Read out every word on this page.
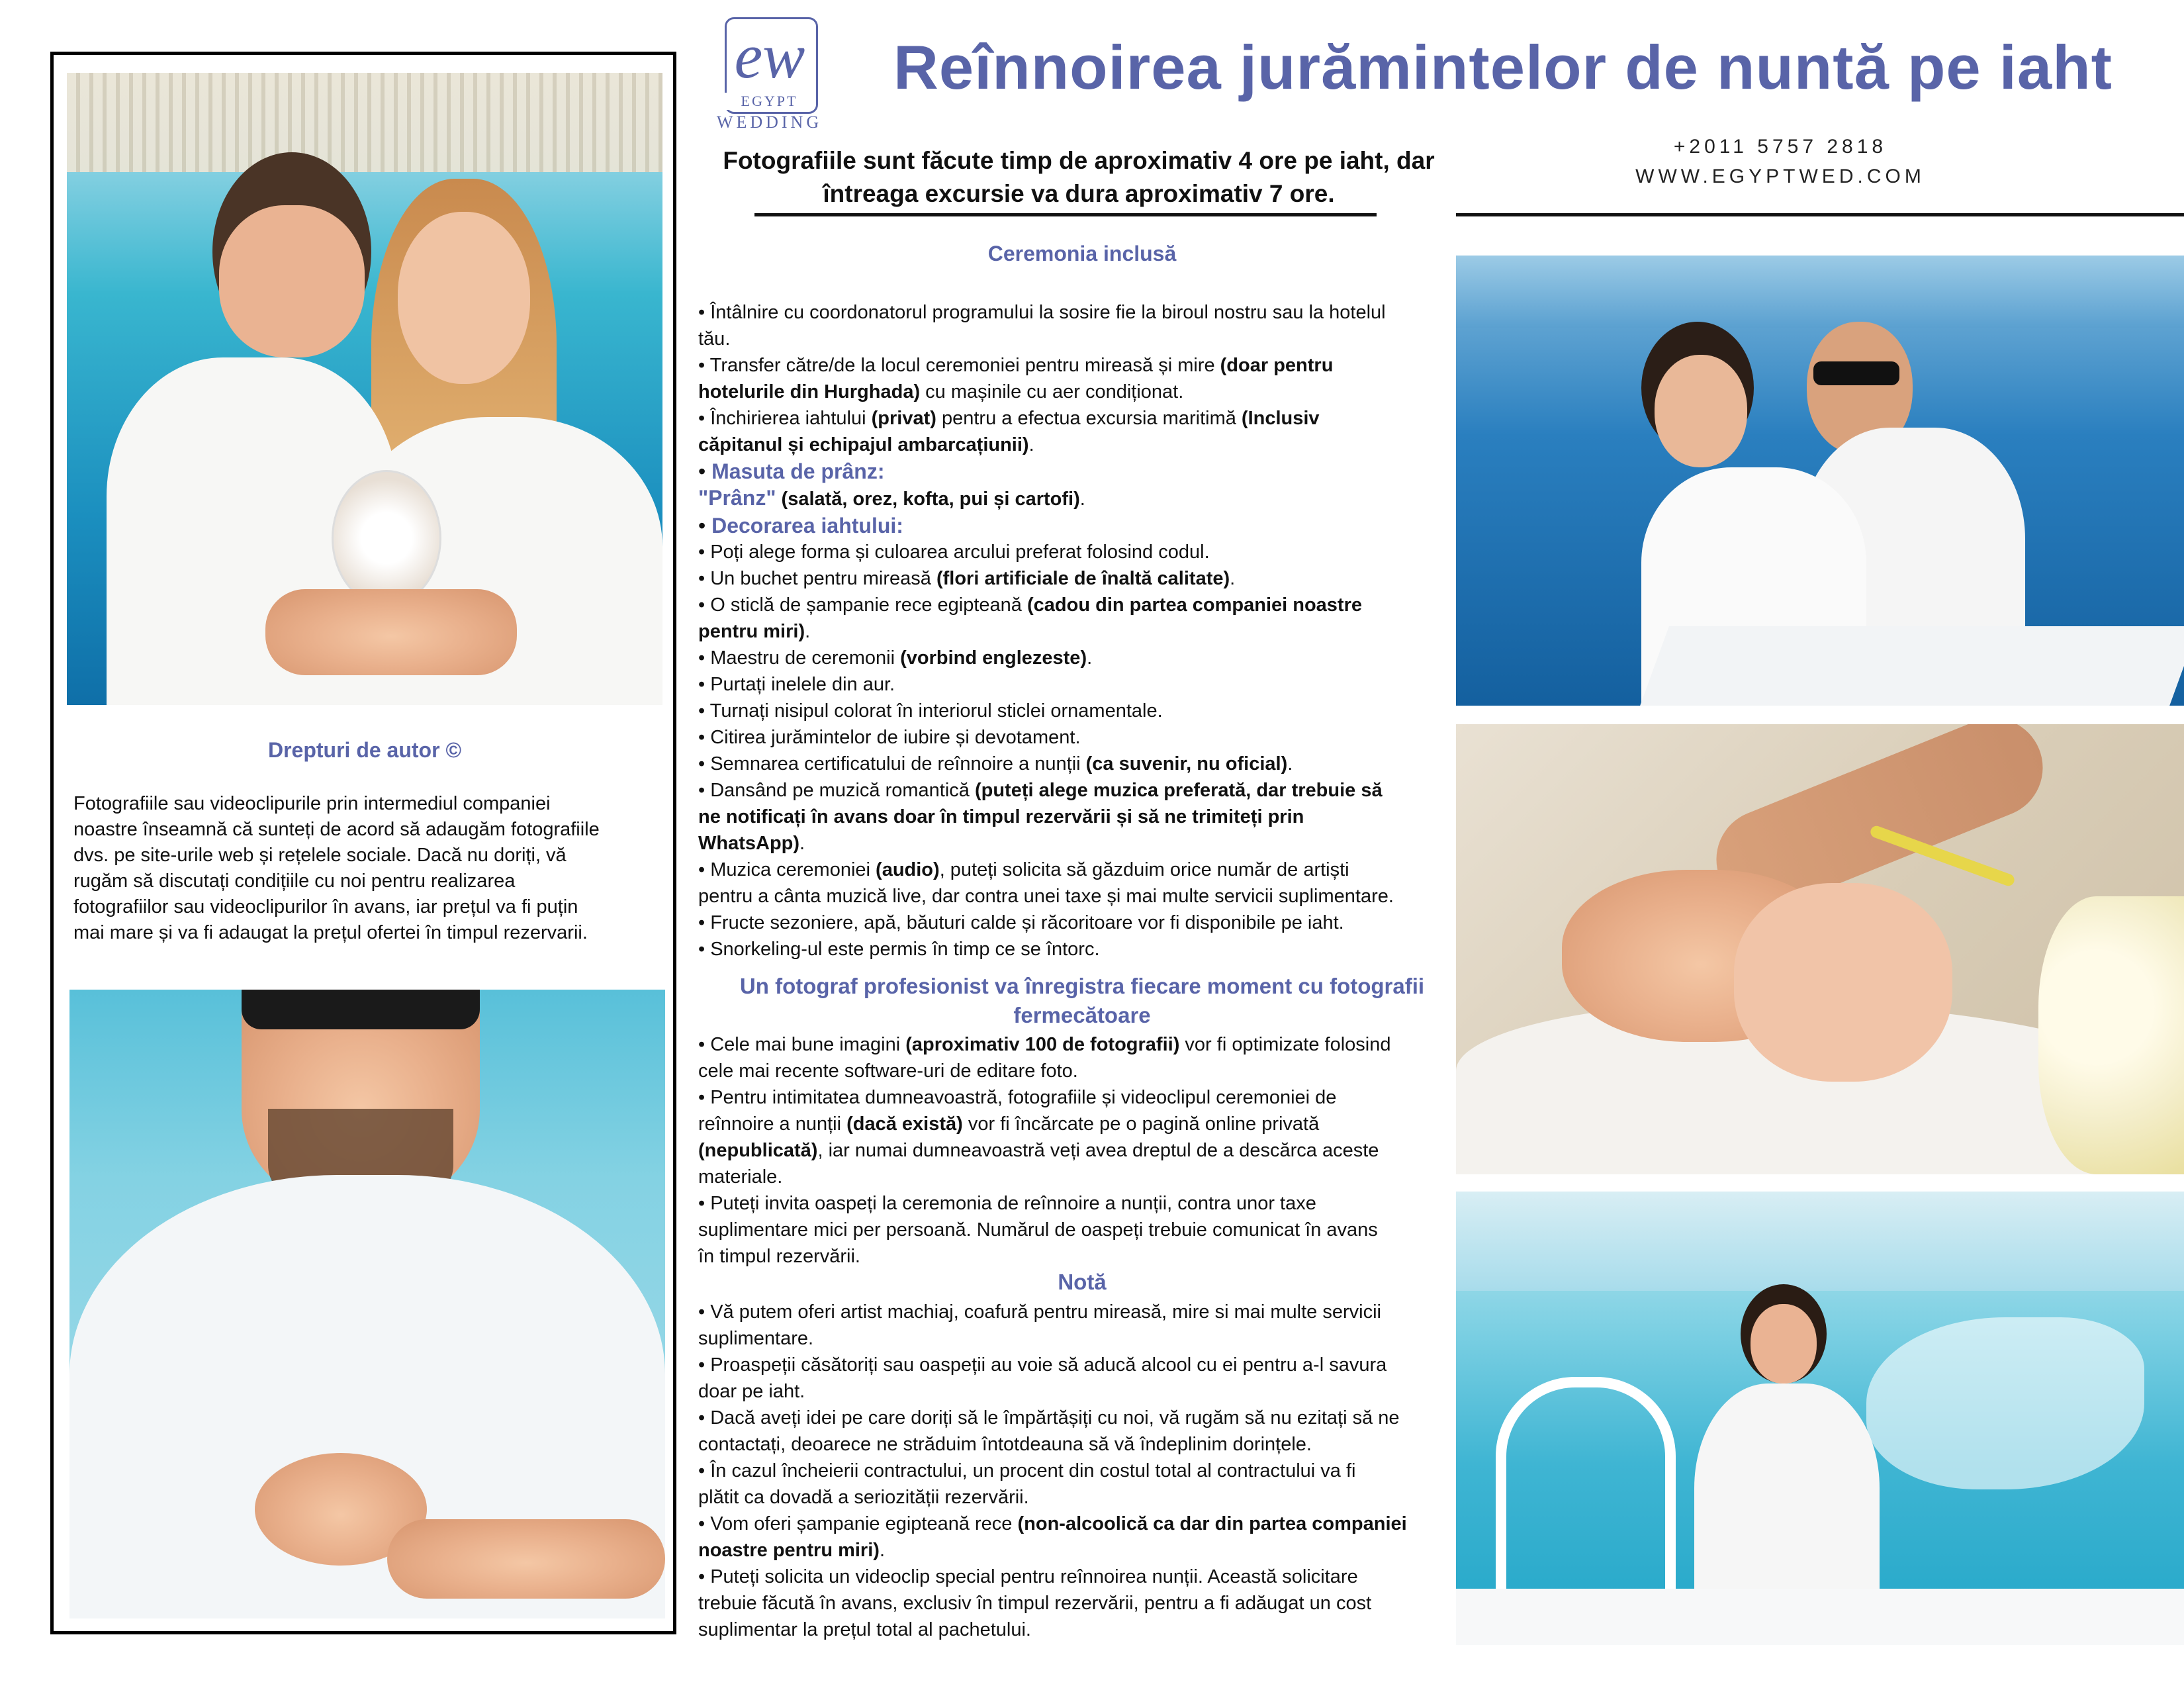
Drepturi de autor ©
Fotografiile sau videoclipurile prin intermediul companiei
noastre înseamnă că sunteți de acord să adaugăm fotografiile
dvs. pe site-urile web și rețelele sociale. Dacă nu doriți, vă
rugăm să discutați condițiile cu noi pentru realizarea
fotografiilor sau videoclipurilor în avans, iar prețul va fi puțin
mai mare și va fi adaugat la prețul ofertei în timpul rezervarii.
ew
EGYPT
WEDDING
Reînnoirea jurămintelor de nuntă pe iaht
+2011 5757 2818
WWW.EGYPTWED.COM
Fotografiile sunt făcute timp de aproximativ 4 ore pe iaht, dar
întreaga excursie va dura aproximativ 7 ore.
Ceremonia inclusă
• Întâlnire cu coordonatorul programului la sosire fie la biroul nostru sau la hotelul
tău.
• Transfer către/de la locul ceremoniei pentru mireasă și mire (doar pentru
hotelurile din Hurghada) cu mașinile cu aer condiționat.
• Închirierea iahtului (privat) pentru a efectua excursia maritimă (Inclusiv
căpitanul și echipajul ambarcațiunii).
• Masuta de prânz:
"Prânz" (salată, orez, kofta, pui și cartofi).
• Decorarea iahtului:
• Poți alege forma și culoarea arcului preferat folosind codul.
• Un buchet pentru mireasă (flori artificiale de înaltă calitate).
• O sticlă de șampanie rece egipteană (cadou din partea companiei noastre
pentru miri).
• Maestru de ceremonii (vorbind englezeste).
• Purtați inelele din aur.
• Turnați nisipul colorat în interiorul sticlei ornamentale.
• Citirea jurămintelor de iubire și devotament.
• Semnarea certificatului de reînnoire a nunții (ca suvenir, nu oficial).
• Dansând pe muzică romantică (puteți alege muzica preferată, dar trebuie să
ne notificați în avans doar în timpul rezervării și să ne trimiteți prin
WhatsApp).
• Muzica ceremoniei (audio), puteți solicita să găzduim orice număr de artiști
pentru a cânta muzică live, dar contra unei taxe și mai multe servicii suplimentare.
• Fructe sezoniere, apă, băuturi calde și răcoritoare vor fi disponibile pe iaht.
• Snorkeling-ul este permis în timp ce se întorc.
Un fotograf profesionist va înregistra fiecare moment cu fotografii
fermecătoare
• Cele mai bune imagini (aproximativ 100 de fotografii) vor fi optimizate folosind
cele mai recente software-uri de editare foto.
• Pentru intimitatea dumneavoastră, fotografiile și videoclipul ceremoniei de
reînnoire a nunții (dacă există) vor fi încărcate pe o pagină online privată
(nepublicată), iar numai dumneavoastră veți avea dreptul de a descărca aceste
materiale.
• Puteți invita oaspeți la ceremonia de reînnoire a nunții, contra unor taxe
suplimentare mici per persoană. Numărul de oaspeți trebuie comunicat în avans
în timpul rezervării.
Notă
• Vă putem oferi artist machiaj, coafură pentru mireasă, mire si mai multe servicii
suplimentare.
• Proaspeții căsătoriți sau oaspeții au voie să aducă alcool cu ei pentru a-l savura
doar pe iaht.
• Dacă aveți idei pe care doriți să le împărtășiți cu noi, vă rugăm să nu ezitați să ne
contactați, deoarece ne străduim întotdeauna să vă îndeplinim dorințele.
• În cazul încheierii contractului, un procent din costul total al contractului va fi
plătit ca dovadă a seriozității rezervării.
• Vom oferi șampanie egipteană rece (non-alcoolică ca dar din partea companiei
noastre pentru miri).
• Puteți solicita un videoclip special pentru reînnoirea nunții. Această solicitare
trebuie făcută în avans, exclusiv în timpul rezervării, pentru a fi adăugat un cost
suplimentar la prețul total al pachetului.
